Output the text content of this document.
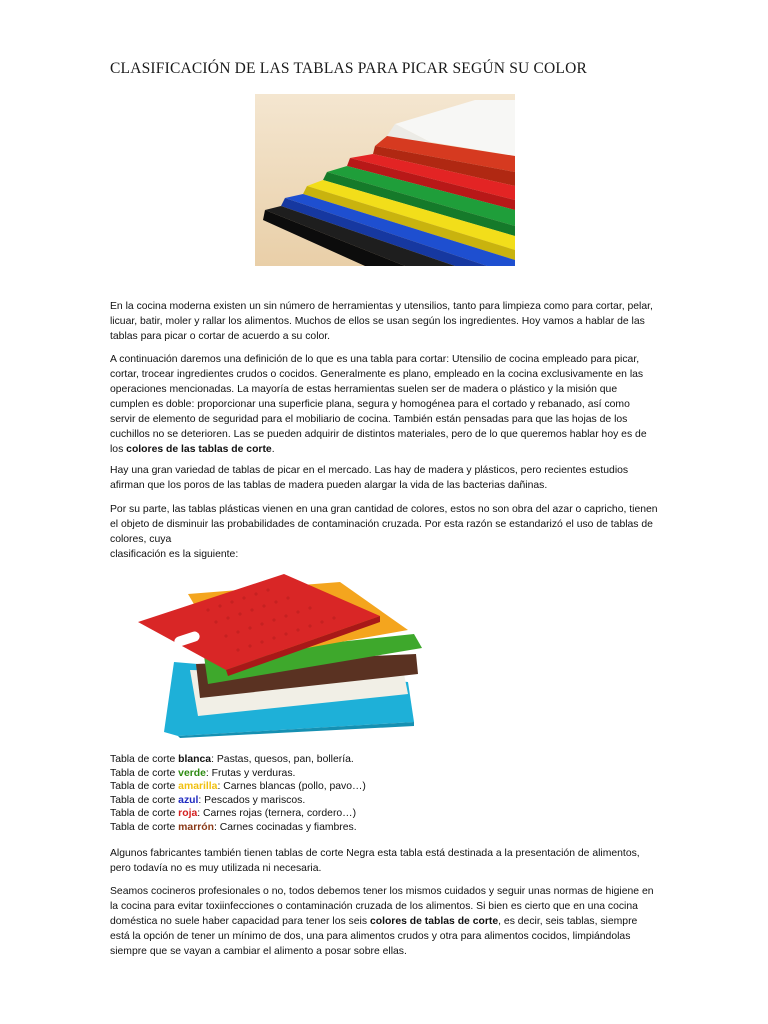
CLASIFICACIÓN DE LAS TABLAS PARA PICAR SEGÚN SU COLOR

En la cocina moderna existen un sin número de herramientas y utensilios, tanto para limpieza como para cortar, pelar, licuar, batir, moler y rallar los alimentos. Muchos de ellos se usan según los ingredientes. Hoy vamos a hablar de las tablas para picar o cortar de acuerdo a su color.

A continuación daremos una definición de lo que es una tabla para cortar: Utensilio de cocina empleado para picar, cortar, trocear ingredientes crudos o cocidos. Generalmente es plano, empleado en la cocina exclusivamente en las operaciones mencionadas. La mayoría de estas herramientas suelen ser de madera o plástico y la misión que cumplen es doble: proporcionar una superficie plana, segura y homogénea para el cortado y rebanado, así como servir de elemento de seguridad para el mobiliario de cocina. También están pensadas para que las hojas de los cuchillos no se deterioren. Las se pueden adquirir de distintos materiales, pero de lo que queremos hablar hoy es de los colores de las tablas de corte.

Hay una gran variedad de tablas de picar en el mercado. Las hay de madera y plásticos, pero recientes estudios afirman que los poros de las tablas de madera pueden alargar la vida de las bacterias dañinas.

Por su parte, las tablas plásticas vienen en una gran cantidad de colores, estos no son obra del azar o capricho, tienen el objeto de disminuir las probabilidades de contaminación cruzada. Por esta razón se estandarizó el uso de tablas de colores, cuya

clasificación es la siguiente:

Tabla de corte blanca: Pastas, quesos, pan, bollería.
Tabla de corte verde: Frutas y verduras.
Tabla de corte amarilla: Carnes blancas (pollo, pavo…)
Tabla de corte azul: Pescados y mariscos.
Tabla de corte roja: Carnes rojas (ternera, cordero…)
Tabla de corte marrón: Carnes cocinadas y fiambres.

Algunos fabricantes también tienen tablas de corte Negra esta tabla está destinada a la presentación de alimentos, pero todavía no es muy utilizada ni necesaria.

Seamos cocineros profesionales o no, todos debemos tener los mismos cuidados y seguir unas normas de higiene en la cocina para evitar toxiinfecciones o contaminación cruzada de los alimentos. Si bien es cierto que en una cocina doméstica no suele haber capacidad para tener los seis colores de tablas de corte, es decir, seis tablas, siempre está la opción de tener un mínimo de dos, una para alimentos crudos y otra para alimentos cocidos, limpiándolas siempre que se vayan a cambiar el alimento a posar sobre ellas.
